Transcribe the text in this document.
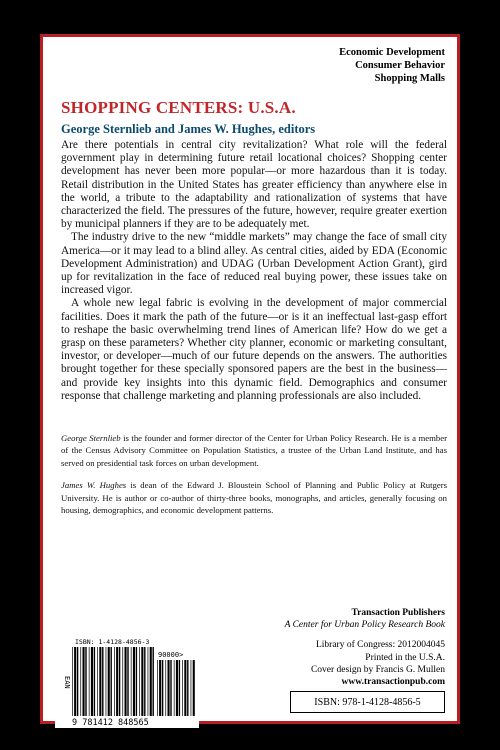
Economic Development
Consumer Behavior
Shopping Malls
SHOPPING CENTERS: U.S.A.
George Sternlieb and James W. Hughes, editors

Are there potentials in central city revitalization? What role will the federal government play in determining future retail locational choices? Shopping center development has never been more popular—or more hazardous than it is today. Retail distribution in the United States has greater efficiency than anywhere else in the world, a tribute to the adaptability and rationalization of systems that have characterized the field. The pressures of the future, however, require greater exertion by municipal planners if they are to be adequately met.

The industry drive to the new “middle markets” may change the face of small city America—or it may lead to a blind alley. As central cities, aided by EDA (Economic Development Administration) and UDAG (Urban Development Action Grant), gird up for revitalization in the face of reduced real buying power, these issues take on increased vigor.

A whole new legal fabric is evolving in the development of major commercial facilities. Does it mark the path of the future—or is it an ineffectual last-gasp effort to reshape the basic overwhelming trend lines of American life? How do we get a grasp on these parameters? Whether city planner, economic or marketing consultant, investor, or developer—much of our future depends on the answers. The authorities brought together for these specially sponsored papers are the best in the business—and provide key insights into this dynamic field. Demographics and consumer response that challenge marketing and planning professionals are also included.

George Sternlieb is the founder and former director of the Center for Urban Policy Research. He is a member of the Census Advisory Committee on Population Statistics, a trustee of the Urban Land Institute, and has served on presidential task forces on urban development.

James W. Hughes is dean of the Edward J. Bloustein School of Planning and Public Policy at Rutgers University. He is author or co-author of thirty-three books, monographs, and articles, generally focusing on housing, demographics, and economic development patterns.

ISBN: 1-4128-4856-3
EAN
90000>
9 781412 848565
Transaction Publishers
A Center for Urban Policy Research Book
Library of Congress: 2012004045
Printed in the U.S.A.
Cover design by Francis G. Mullen
www.transactionpub.com
ISBN: 978-1-4128-4856-5
